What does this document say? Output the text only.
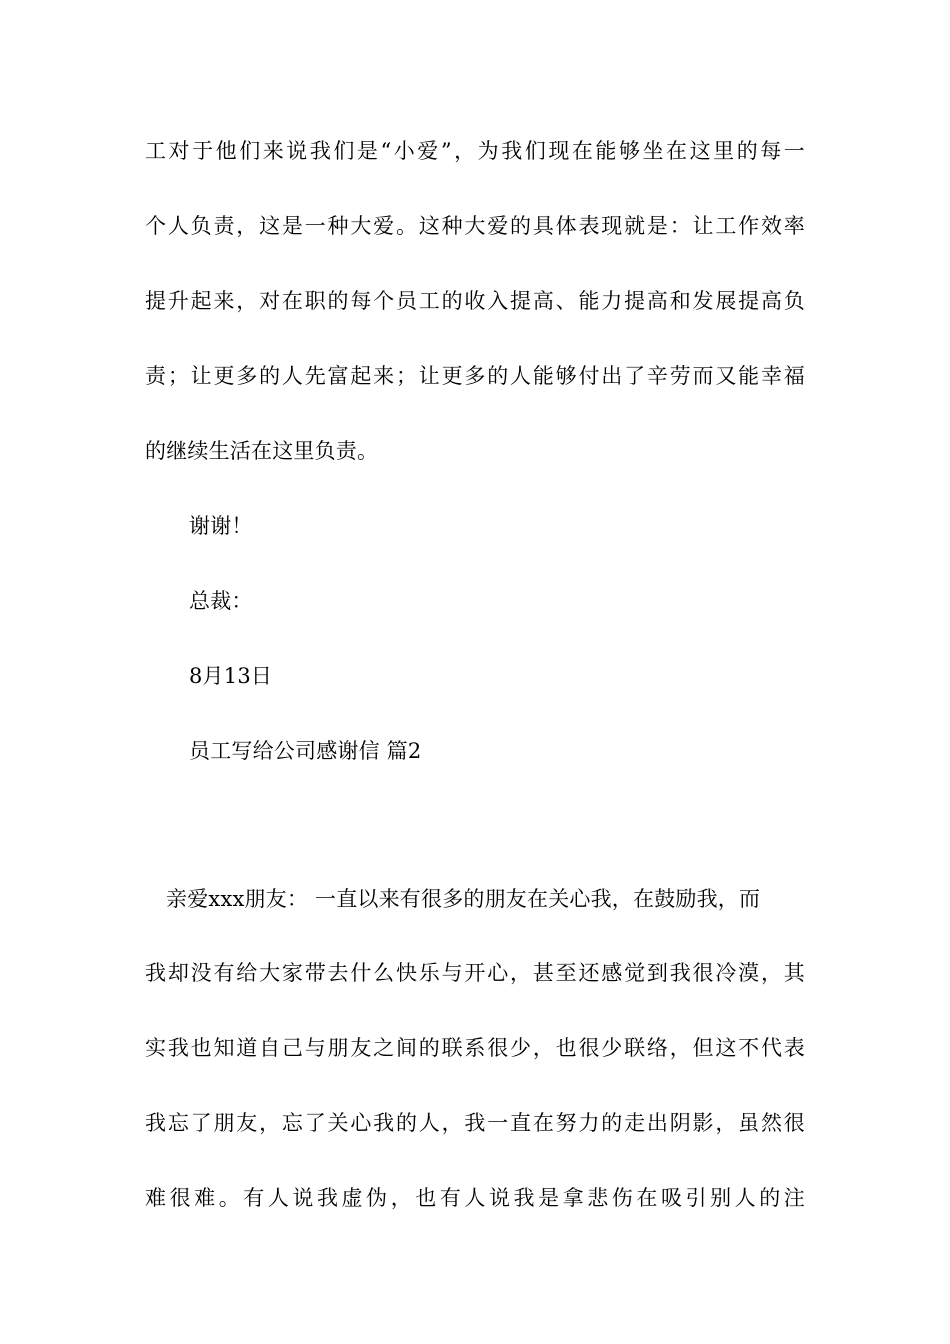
工对于他们来说我们是“小爱”，为我们现在能够坐在这里的每一
个人负责，这是一种大爱。这种大爱的具体表现就是：让工作效率
提升起来，对在职的每个员工的收入提高、能力提高和发展提高负
责；让更多的人先富起来；让更多的人能够付出了辛劳而又能幸福
的继续生活在这里负责。
谢谢！
总裁：
8月13日
员工写给公司感谢信 篇2
亲爱xxx朋友： 一直以来有很多的朋友在关心我，在鼓励我，而
我却没有给大家带去什么快乐与开心，甚至还感觉到我很冷漠，其
实我也知道自己与朋友之间的联系很少，也很少联络，但这不代表
我忘了朋友，忘了关心我的人，我一直在努力的走出阴影，虽然很
难很难。有人说我虚伪，也有人说我是拿悲伤在吸引别人的注
